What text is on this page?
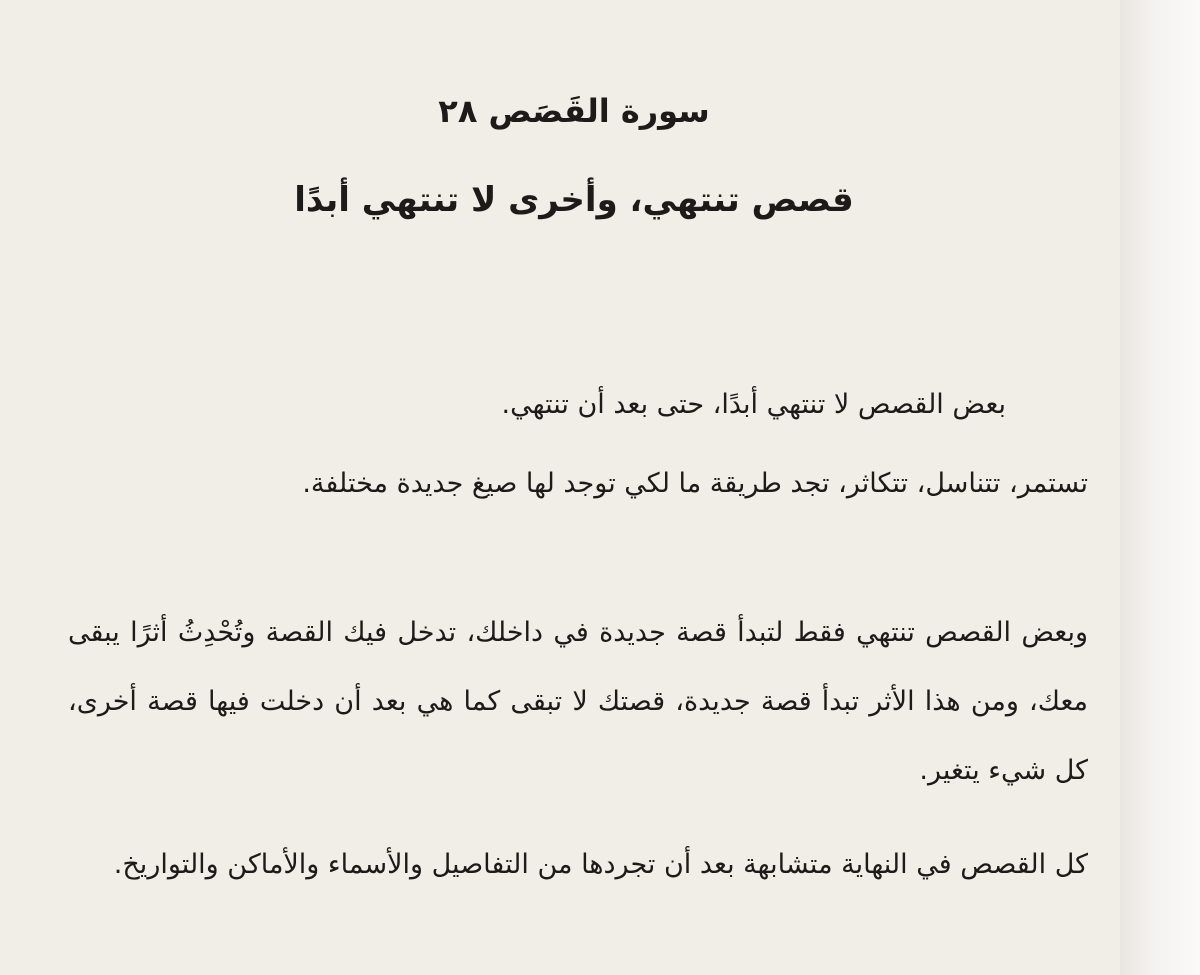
سورة القَصَص ٢٨
قصص تنتهي، وأخرى لا تنتهي أبدًا

بعض القصص لا تنتهي أبدًا، حتى بعد أن تنتهي.

تستمر، تتناسل، تتكاثر، تجد طريقة ما لكي توجد لها صيغ جديدة مختلفة.

وبعض القصص تنتهي فقط لتبدأ قصة جديدة في داخلك، تدخل فيك القصة وتُحْدِثُ أثرًا يبقى معك، ومن هذا الأثر تبدأ قصة جديدة، قصتك لا تبقى كما هي بعد أن دخلت فيها قصة أخرى، كل شيء يتغير.

كل القصص في النهاية متشابهة بعد أن تجردها من التفاصيل والأسماء والأماكن والتواريخ.
